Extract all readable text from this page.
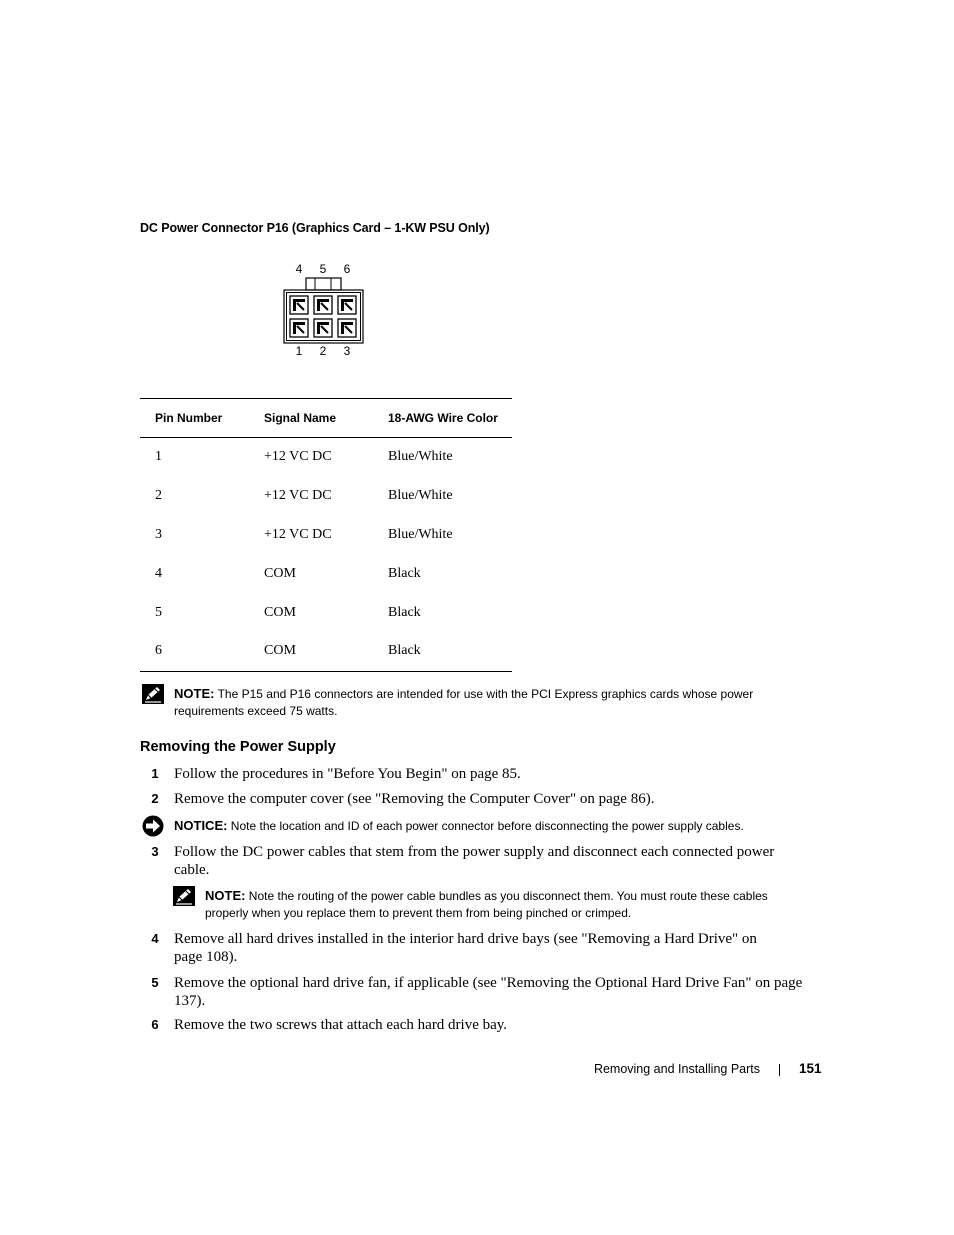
DC Power Connector P16 (Graphics Card – 1-KW PSU Only)
4 5 6
1 2 3
Pin Number	Signal Name	18-AWG Wire Color
1	+12 VC DC	Blue/White
2	+12 VC DC	Blue/White
3	+12 VC DC	Blue/White
4	COM	Black
5	COM	Black
6	COM	Black
NOTE: The P15 and P16 connectors are intended for use with the PCI Express graphics cards whose power requirements exceed 75 watts.
Removing the Power Supply
1 Follow the procedures in "Before You Begin" on page 85.
2 Remove the computer cover (see "Removing the Computer Cover" on page 86).
NOTICE: Note the location and ID of each power connector before disconnecting the power supply cables.
3 Follow the DC power cables that stem from the power supply and disconnect each connected power cable.
NOTE: Note the routing of the power cable bundles as you disconnect them. You must route these cables properly when you replace them to prevent them from being pinched or crimped.
4 Remove all hard drives installed in the interior hard drive bays (see "Removing a Hard Drive" on page 108).
5 Remove the optional hard drive fan, if applicable (see "Removing the Optional Hard Drive Fan" on page 137).
6 Remove the two screws that attach each hard drive bay.
Removing and Installing Parts	151
